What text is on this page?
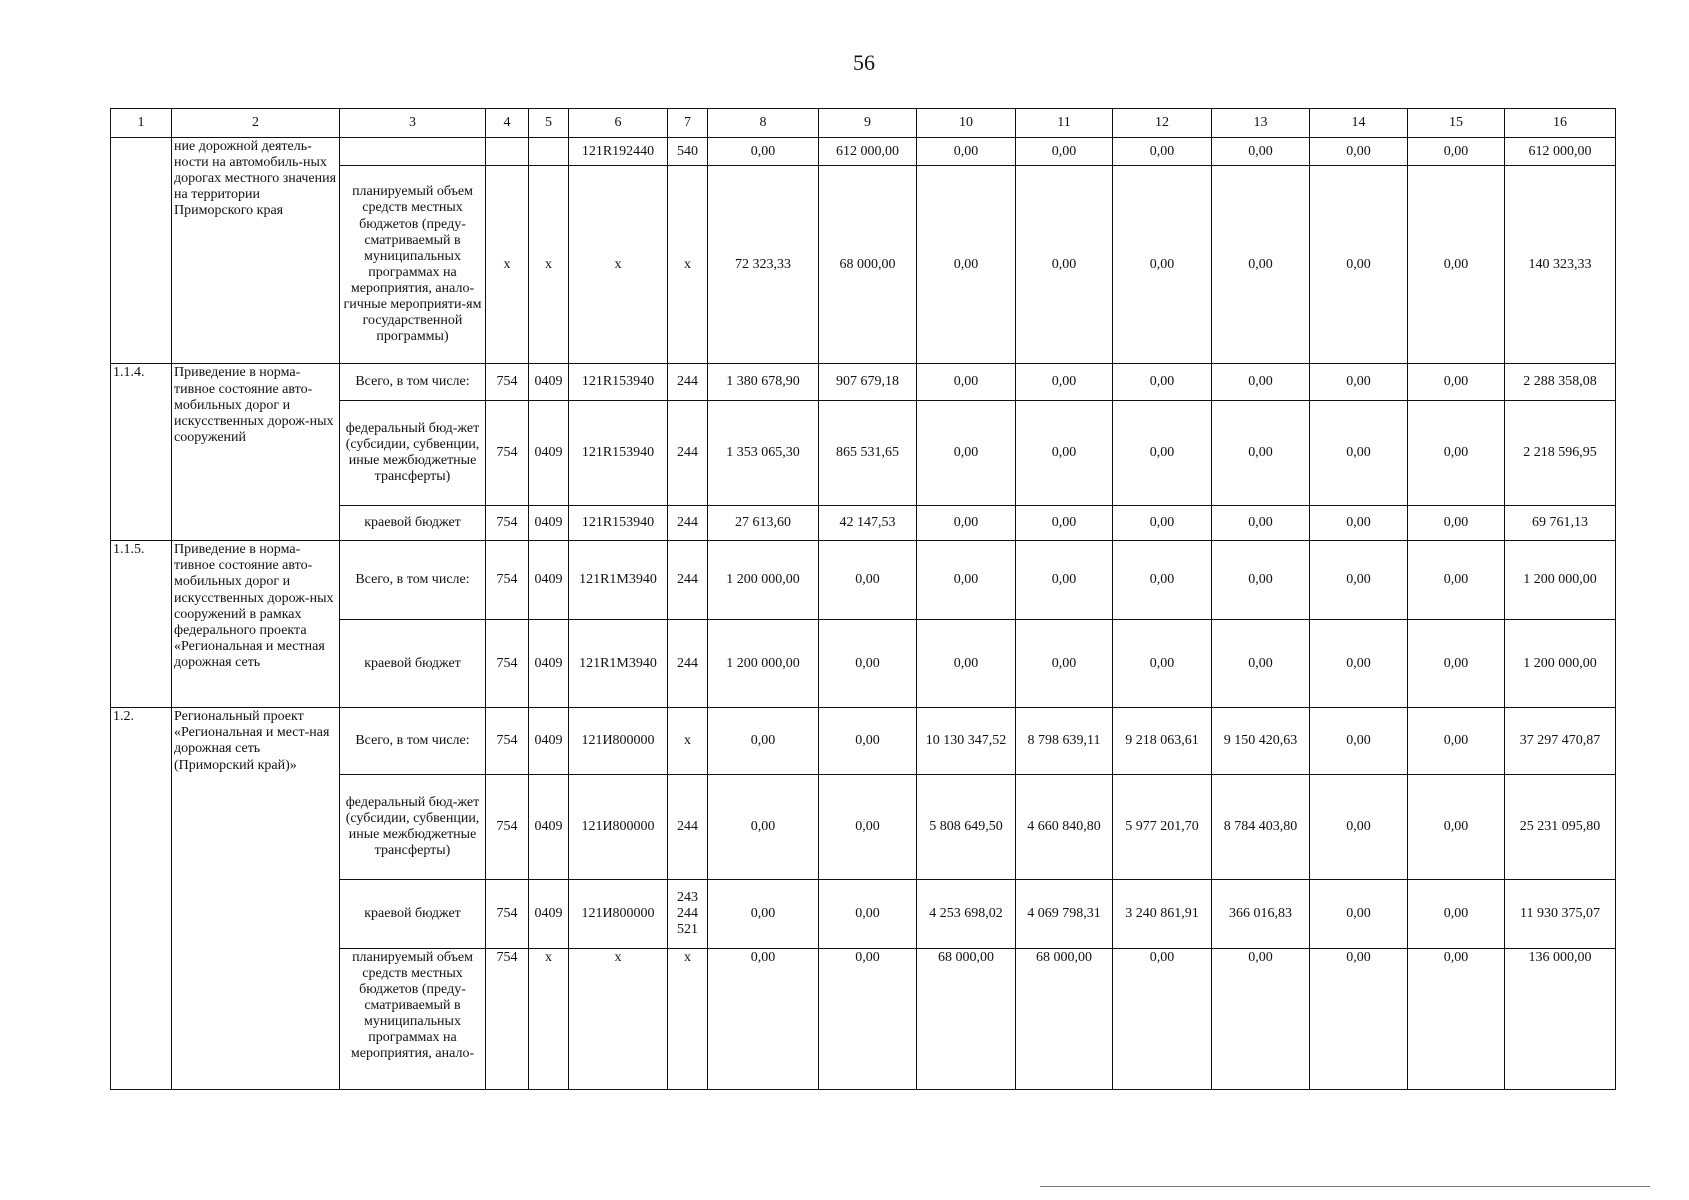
56
1	2	3	4	5	6	7	8	9	10	11	12	13	14	15	16
	ние дорожной деятель-ности на автомобиль-ных дорогах местного значения на территории Приморского края				121R192440	540	0,00	612 000,00	0,00	0,00	0,00	0,00	0,00	0,00	612 000,00
		планируемый объем средств местных бюджетов (преду-сматриваемый в муниципальных программах на мероприятия, анало-гичные мероприяти-ям государственной программы)	x	x	x	x	72 323,33	68 000,00	0,00	0,00	0,00	0,00	0,00	0,00	140 323,33
1.1.4.	Приведение в норма-тивное состояние авто-мобильных дорог и искусственных дорож-ных сооружений	Всего, в том числе:	754	0409	121R153940	244	1 380 678,90	907 679,18	0,00	0,00	0,00	0,00	0,00	0,00	2 288 358,08
		федеральный бюд-жет (субсидии, субвенции, иные межбюджетные трансферты)	754	0409	121R153940	244	1 353 065,30	865 531,65	0,00	0,00	0,00	0,00	0,00	0,00	2 218 596,95
		краевой бюджет	754	0409	121R153940	244	27 613,60	42 147,53	0,00	0,00	0,00	0,00	0,00	0,00	69 761,13
1.1.5.	Приведение в норма-тивное состояние авто-мобильных дорог и искусственных дорож-ных сооружений в рамках федерального проекта «Региональная и местная дорожная сеть	Всего, в том числе:	754	0409	121R1M3940	244	1 200 000,00	0,00	0,00	0,00	0,00	0,00	0,00	0,00	1 200 000,00
		краевой бюджет	754	0409	121R1M3940	244	1 200 000,00	0,00	0,00	0,00	0,00	0,00	0,00	0,00	1 200 000,00
1.2.	Региональный проект «Региональная и мест-ная дорожная сеть (Приморский край)»	Всего, в том числе:	754	0409	121И800000	x	0,00	0,00	10 130 347,52	8 798 639,11	9 218 063,61	9 150 420,63	0,00	0,00	37 297 470,87
		федеральный бюд-жет (субсидии, субвенции, иные межбюджетные трансферты)	754	0409	121И800000	244	0,00	0,00	5 808 649,50	4 660 840,80	5 977 201,70	8 784 403,80	0,00	0,00	25 231 095,80
		краевой бюджет	754	0409	121И800000	243 244 521	0,00	0,00	4 253 698,02	4 069 798,31	3 240 861,91	366 016,83	0,00	0,00	11 930 375,07
		планируемый объем средств местных бюджетов (преду-сматриваемый в муниципальных программах на мероприятия, анало-	754	x	x	x	0,00	0,00	68 000,00	68 000,00	0,00	0,00	0,00	0,00	136 000,00
